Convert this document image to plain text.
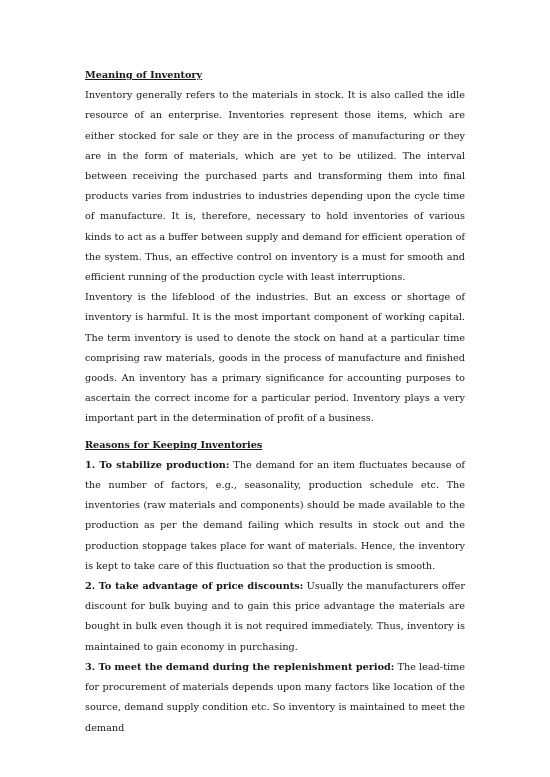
Meaning of Inventory

Inventory generally refers to the materials in stock. It is also called the idle resource of an enterprise. Inventories represent those items, which are either stocked for sale or they are in the process of manufacturing or they are in the form of materials, which are yet to be utilized. The interval between receiving the purchased parts and transforming them into final products varies from industries to industries depending upon the cycle time of manufacture. It is, therefore, necessary to hold inventories of various kinds to act as a buffer between supply and demand for efficient operation of the system. Thus, an effective control on inventory is a must for smooth and efficient running of the production cycle with least interruptions.

Inventory is the lifeblood of the industries. But an excess or shortage of inventory is harmful. It is the most important component of working capital. The term inventory is used to denote the stock on hand at a particular time comprising raw materials, goods in the process of manufacture and finished goods. An inventory has a primary significance for accounting purposes to ascertain the correct income for a particular period. Inventory plays a very important part in the determination of profit of a business.

Reasons for Keeping Inventories

1. To stabilize production: The demand for an item fluctuates because of the number of factors, e.g., seasonality, production schedule etc. The inventories (raw materials and components) should be made available to the production as per the demand failing which results in stock out and the production stoppage takes place for want of materials. Hence, the inventory is kept to take care of this fluctuation so that the production is smooth.

2. To take advantage of price discounts: Usually the manufacturers offer discount for bulk buying and to gain this price advantage the materials are bought in bulk even though it is not required immediately. Thus, inventory is maintained to gain economy in purchasing.

3. To meet the demand during the replenishment period: The lead-time for procurement of materials depends upon many factors like location of the source, demand supply condition etc. So inventory is maintained to meet the demand
